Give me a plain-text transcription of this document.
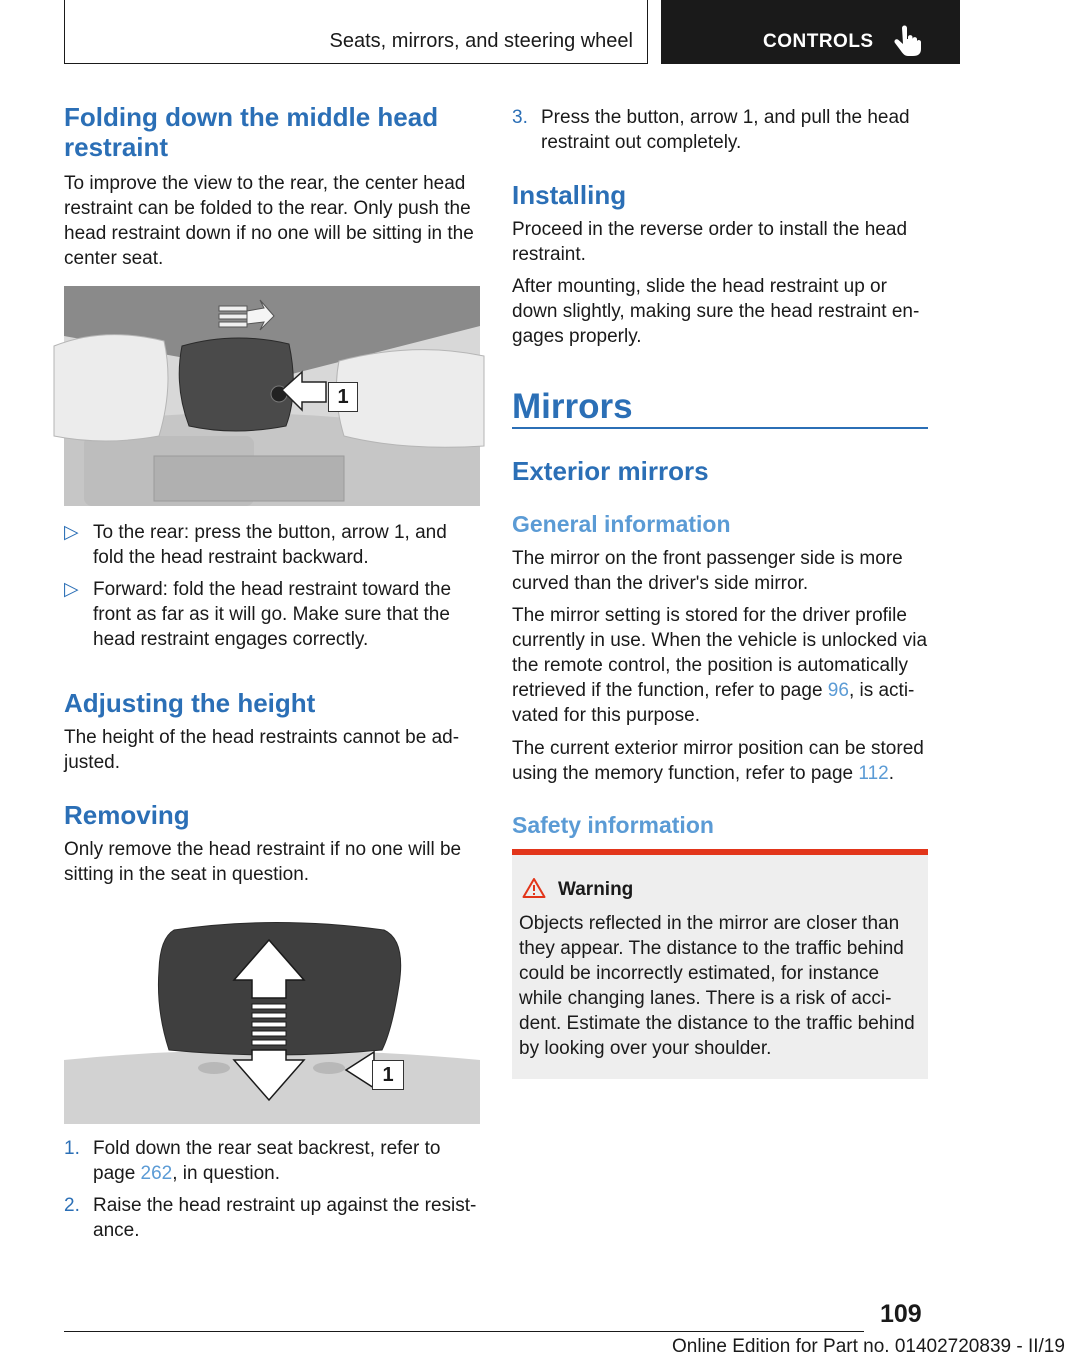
Seats, mirrors, and steering wheel	CONTROLS
Folding down the middle head restraint

To improve the view to the rear, the center head restraint can be folded to the rear. Only push the head restraint down if no one will be sitting in the center seat.

1
▷ To the rear: press the button, arrow 1, and fold the head restraint backward.
▷ Forward: fold the head restraint toward the front as far as it will go. Make sure that the head restraint engages correctly.
Adjusting the height

The height of the head restraints cannot be ad‐justed.

Removing

Only remove the head restraint if no one will be sitting in the seat in question.

1
1. Fold down the rear seat backrest, refer to page 262, in question.
2. Raise the head restraint up against the resist‐ance.
3. Press the button, arrow 1, and pull the head restraint out completely.
Installing

Proceed in the reverse order to install the head restraint.

After mounting, slide the head restraint up or down slightly, making sure the head restraint en‐gages properly.

Mirrors
Exterior mirrors
General information

The mirror on the front passenger side is more curved than the driver's side mirror.

The mirror setting is stored for the driver profile currently in use. When the vehicle is unlocked via the remote control, the position is automatically retrieved if the function, refer to page 96, is acti‐vated for this purpose.

The current exterior mirror position can be stored using the memory function, refer to page 112.

Safety information
Warning

Objects reflected in the mirror are closer than they appear. The distance to the traffic behind could be incorrectly estimated, for instance while changing lanes. There is a risk of acci‐dent. Estimate the distance to the traffic behind by looking over your shoulder.

109
Online Edition for Part no. 01402720839 - II/19
